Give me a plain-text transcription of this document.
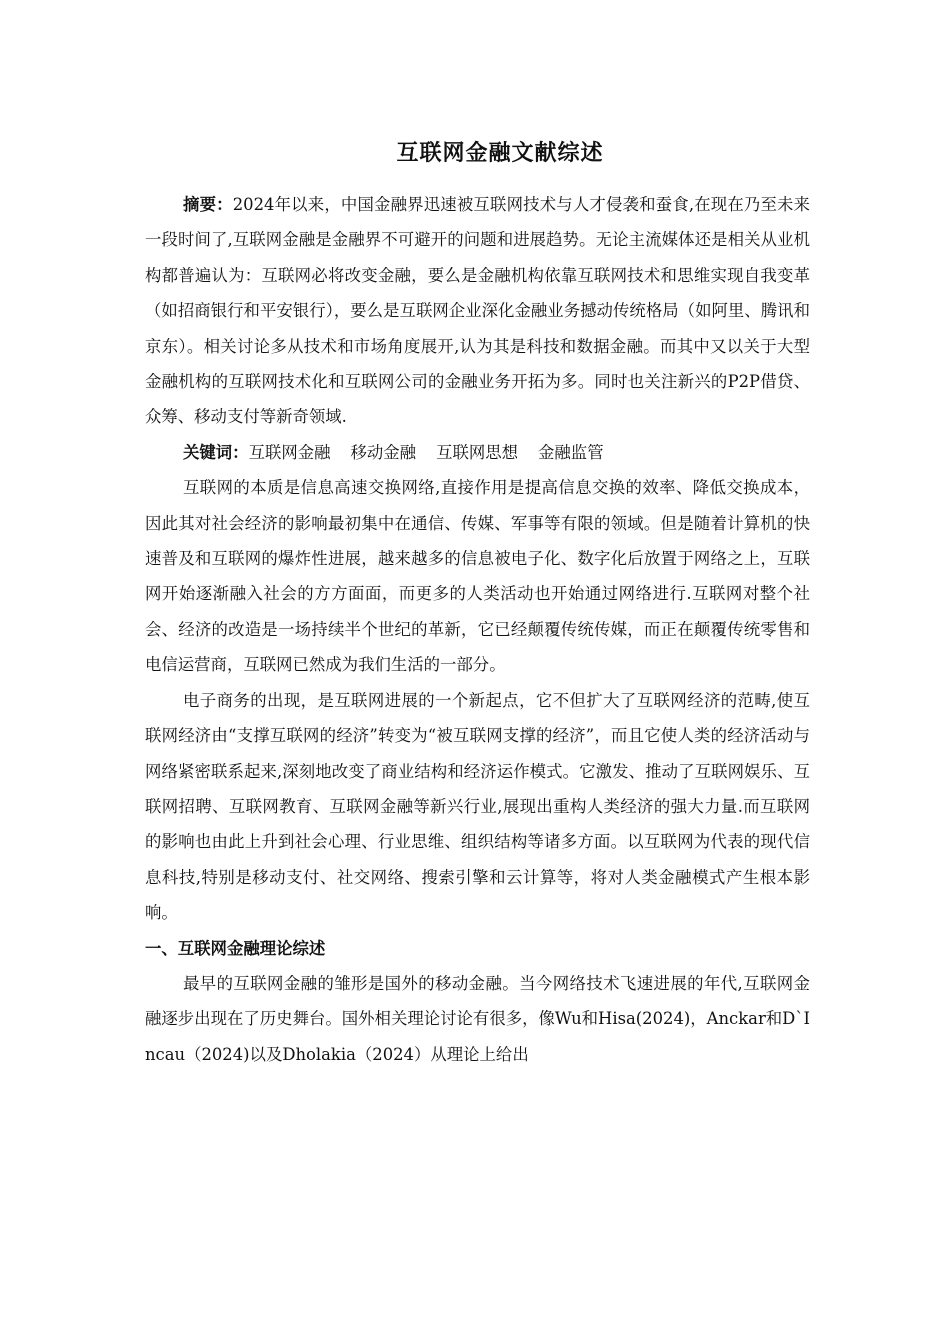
互联网金融文献综述

摘要：2024年以来，中国金融界迅速被互联网技术与人才侵袭和蚕食,在现在乃至未来一段时间了,互联网金融是金融界不可避开的问题和进展趋势。无论主流媒体还是相关从业机构都普遍认为：互联网必将改变金融，要么是金融机构依靠互联网技术和思维实现自我变革（如招商银行和平安银行），要么是互联网企业深化金融业务撼动传统格局（如阿里、腾讯和京东）。相关讨论多从技术和市场角度展开,认为其是科技和数据金融。而其中又以关于大型金融机构的互联网技术化和互联网公司的金融业务开拓为多。同时也关注新兴的P2P借贷、众筹、移动支付等新奇领域.

关键词：互联网金融 移动金融 互联网思想 金融监管

互联网的本质是信息高速交换网络,直接作用是提高信息交换的效率、降低交换成本，因此其对社会经济的影响最初集中在通信、传媒、军事等有限的领域。但是随着计算机的快速普及和互联网的爆炸性进展，越来越多的信息被电子化、数字化后放置于网络之上，互联网开始逐渐融入社会的方方面面，而更多的人类活动也开始通过网络进行.互联网对整个社会、经济的改造是一场持续半个世纪的革新，它已经颠覆传统传媒，而正在颠覆传统零售和电信运营商，互联网已然成为我们生活的一部分。

电子商务的出现，是互联网进展的一个新起点，它不但扩大了互联网经济的范畴,使互联网经济由“支撑互联网的经济”转变为“被互联网支撑的经济”，而且它使人类的经济活动与网络紧密联系起来,深刻地改变了商业结构和经济运作模式。它激发、推动了互联网娱乐、互联网招聘、互联网教育、互联网金融等新兴行业,展现出重构人类经济的强大力量.而互联网的影响也由此上升到社会心理、行业思维、组织结构等诸多方面。以互联网为代表的现代信息科技,特别是移动支付、社交网络、搜索引擎和云计算等，将对人类金融模式产生根本影响。

一、互联网金融理论综述

最早的互联网金融的雏形是国外的移动金融。当今网络技术飞速进展的年代,互联网金融逐步出现在了历史舞台。国外相关理论讨论有很多，像Wu和Hisa(2024)，Anckar和D`Incau（2024)以及Dholakia（2024）从理论上给出
